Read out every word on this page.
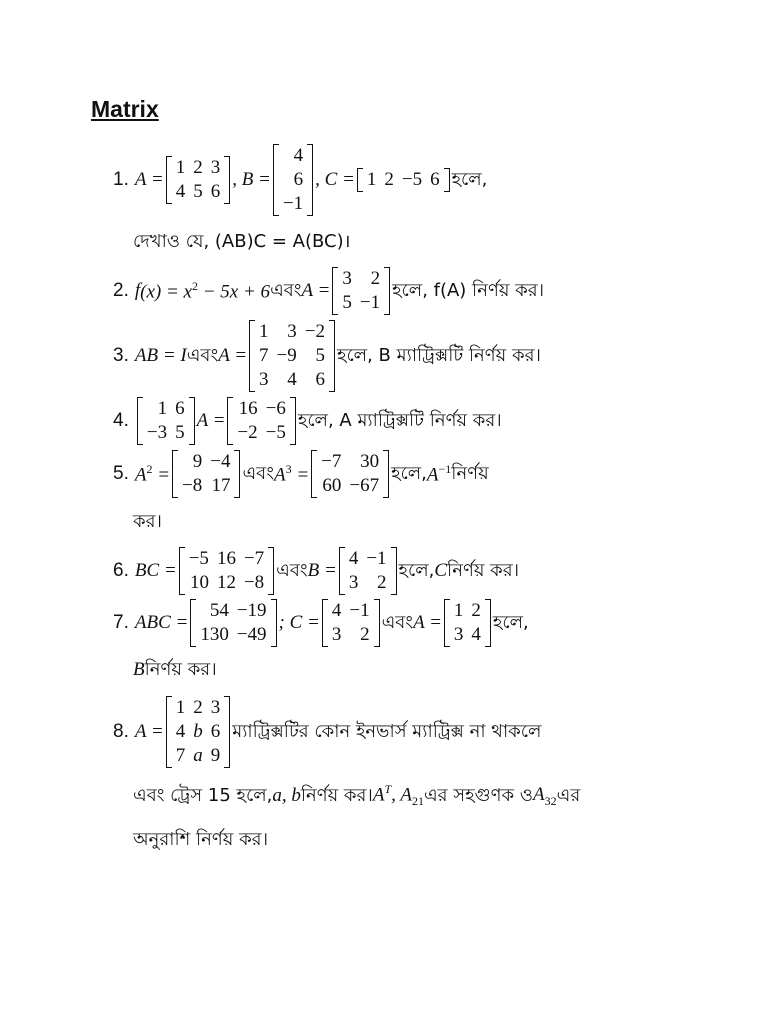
Matrix
1. A =
1	2	3
4	5	6
, B =
4
6
−1
, C = 1	2	−5	6 হলে,
দেখাও যে, (AB)C = A(BC)।
2. f $(x) = x^2 - 5x + 6$ এবং A =
3	2
5	−1
হলে, f(A) নির্ণয় কর।
3. AB = I এবং A =
1	3	−2
7	−9	5
3	4	6
হলে, B ম্যাট্রিক্সটি নির্ণয় কর।
4.
1	6
−3	5
A =
16	−6
−2	−5
হলে, A ম্যাট্রিক্সটি নির্ণয় কর।
5. $A^2$ =
9	−4
−8	17
এবং $A^3$ =
−7	30
60	−67
হলে, $A^{-1}$ নির্ণয়
কর।
6. BC =
−5	16	−7
10	12	−8
এবং B =
4	−1
3	2
হলে, C নির্ণয় কর।
7. ABC =
54	−19
130	−49
; C =
4	−1
3	2
এবং A =
1	2
3	4
হলে,
B নির্ণয় কর।
8. A =
1	2	3
4	b	6
7	a	9
ম্যাট্রিক্সটির কোন ইনভার্স ম্যাট্রিক্স না থাকলে
এবং ট্রেস 15 হলে, a, b নির্ণয় কর। $A^T$, $A_{21}$ এর সহগুণক ও $A_{32}$ এর
অনুরাশি নির্ণয় কর।
